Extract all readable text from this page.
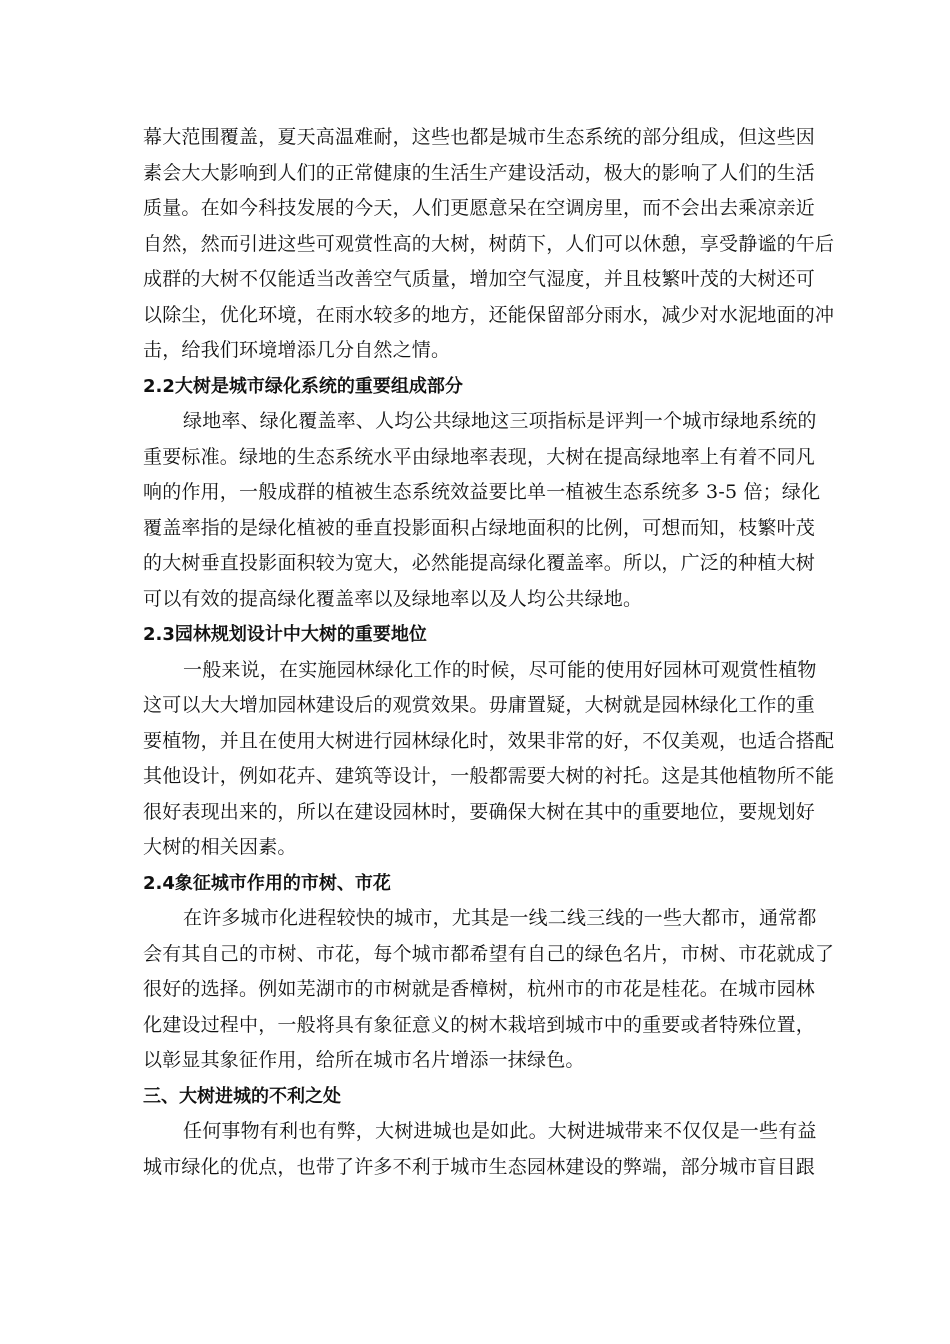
幕大范围覆盖，夏天高温难耐，这些也都是城市生态系统的部分组成，但这些因
素会大大影响到人们的正常健康的生活生产建设活动，极大的影响了人们的生活
质量。在如今科技发展的今天，人们更愿意呆在空调房里，而不会出去乘凉亲近
自然，然而引进这些可观赏性高的大树，树荫下，人们可以休憩，享受静谧的午后
成群的大树不仅能适当改善空气质量，增加空气湿度，并且枝繁叶茂的大树还可
以除尘，优化环境，在雨水较多的地方，还能保留部分雨水，减少对水泥地面的冲
击，给我们环境增添几分自然之情。
2.2大树是城市绿化系统的重要组成部分
绿地率、绿化覆盖率、人均公共绿地这三项指标是评判一个城市绿地系统的
重要标准。绿地的生态系统水平由绿地率表现，大树在提高绿地率上有着不同凡
响的作用，一般成群的植被生态系统效益要比单一植被生态系统多 3-5 倍；绿化
覆盖率指的是绿化植被的垂直投影面积占绿地面积的比例，可想而知，枝繁叶茂
的大树垂直投影面积较为宽大，必然能提高绿化覆盖率。所以，广泛的种植大树
可以有效的提高绿化覆盖率以及绿地率以及人均公共绿地。
2.3园林规划设计中大树的重要地位
一般来说，在实施园林绿化工作的时候，尽可能的使用好园林可观赏性植物
这可以大大增加园林建设后的观赏效果。毋庸置疑，大树就是园林绿化工作的重
要植物，并且在使用大树进行园林绿化时，效果非常的好，不仅美观，也适合搭配
其他设计，例如花卉、建筑等设计，一般都需要大树的衬托。这是其他植物所不能
很好表现出来的，所以在建设园林时，要确保大树在其中的重要地位，要规划好
大树的相关因素。
2.4象征城市作用的市树、市花
在许多城市化进程较快的城市，尤其是一线二线三线的一些大都市，通常都
会有其自己的市树、市花，每个城市都希望有自己的绿色名片，市树、市花就成了
很好的选择。例如芜湖市的市树就是香樟树，杭州市的市花是桂花。在城市园林
化建设过程中，一般将具有象征意义的树木栽培到城市中的重要或者特殊位置，
以彰显其象征作用，给所在城市名片增添一抹绿色。
三、大树进城的不利之处
任何事物有利也有弊，大树进城也是如此。大树进城带来不仅仅是一些有益
城市绿化的优点，也带了许多不利于城市生态园林建设的弊端，部分城市盲目跟
